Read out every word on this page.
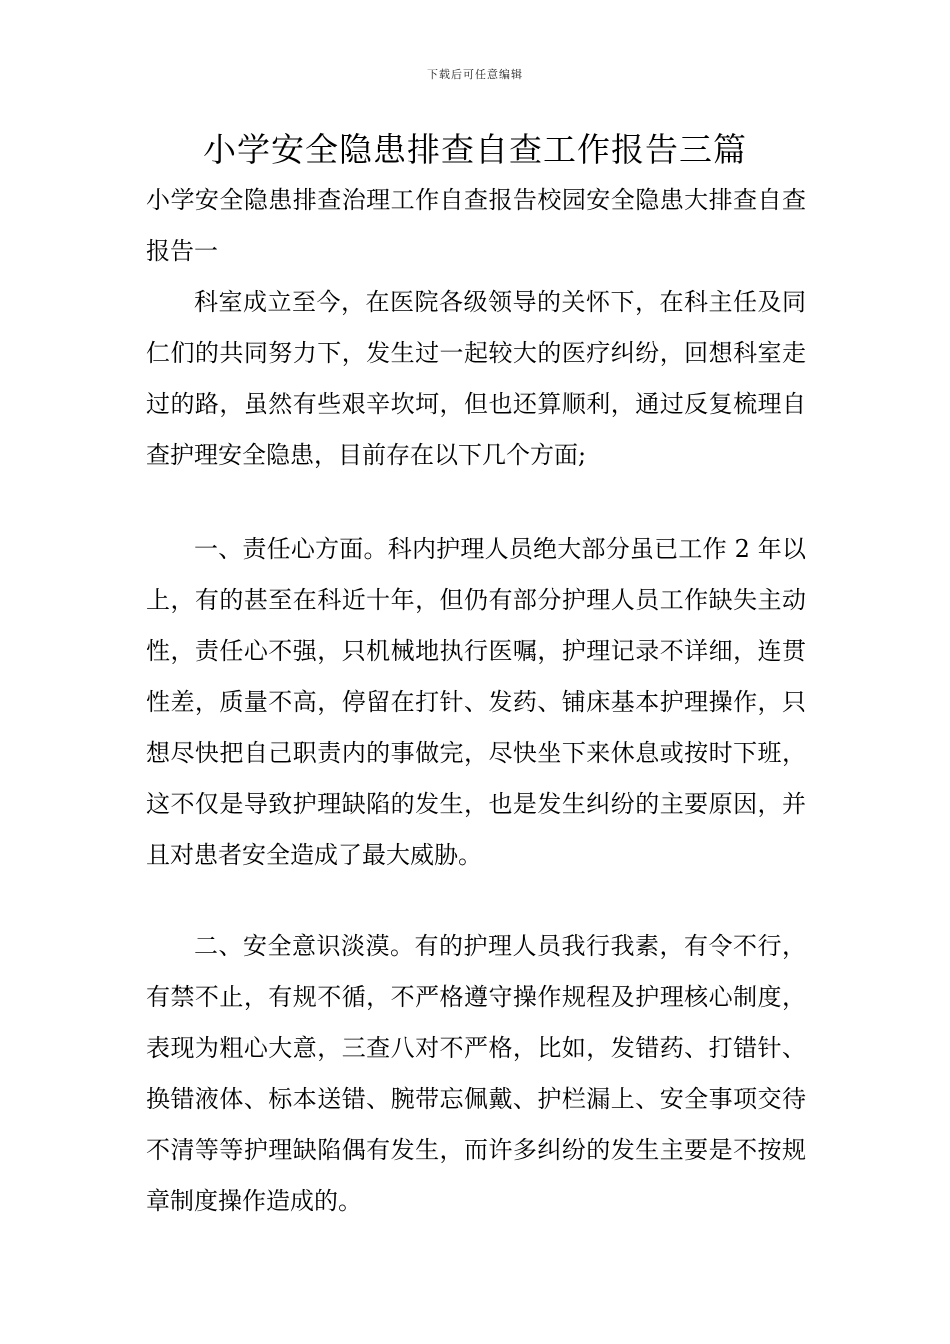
下载后可任意编辑
小学安全隐患排查自查工作报告三篇

小学安全隐患排查治理工作自查报告校园安全隐患大排查自查报告一

科室成立至今，在医院各级领导的关怀下，在科主任及同仁们的共同努力下，发生过一起较大的医疗纠纷，回想科室走过的路，虽然有些艰辛坎坷，但也还算顺利，通过反复梳理自查护理安全隐患，目前存在以下几个方面;

一、责任心方面。科内护理人员绝大部分虽已工作 2 年以上，有的甚至在科近十年，但仍有部分护理人员工作缺失主动性，责任心不强，只机械地执行医嘱，护理记录不详细，连贯性差，质量不高，停留在打针、发药、铺床基本护理操作，只想尽快把自己职责内的事做完，尽快坐下来休息或按时下班，这不仅是导致护理缺陷的发生，也是发生纠纷的主要原因，并且对患者安全造成了最大威胁。

二、安全意识淡漠。有的护理人员我行我素，有令不行，有禁不止，有规不循，不严格遵守操作规程及护理核心制度，表现为粗心大意，三查八对不严格，比如，发错药、打错针、换错液体、标本送错、腕带忘佩戴、护栏漏上、安全事项交待不清等等护理缺陷偶有发生，而许多纠纷的发生主要是不按规章制度操作造成的。
